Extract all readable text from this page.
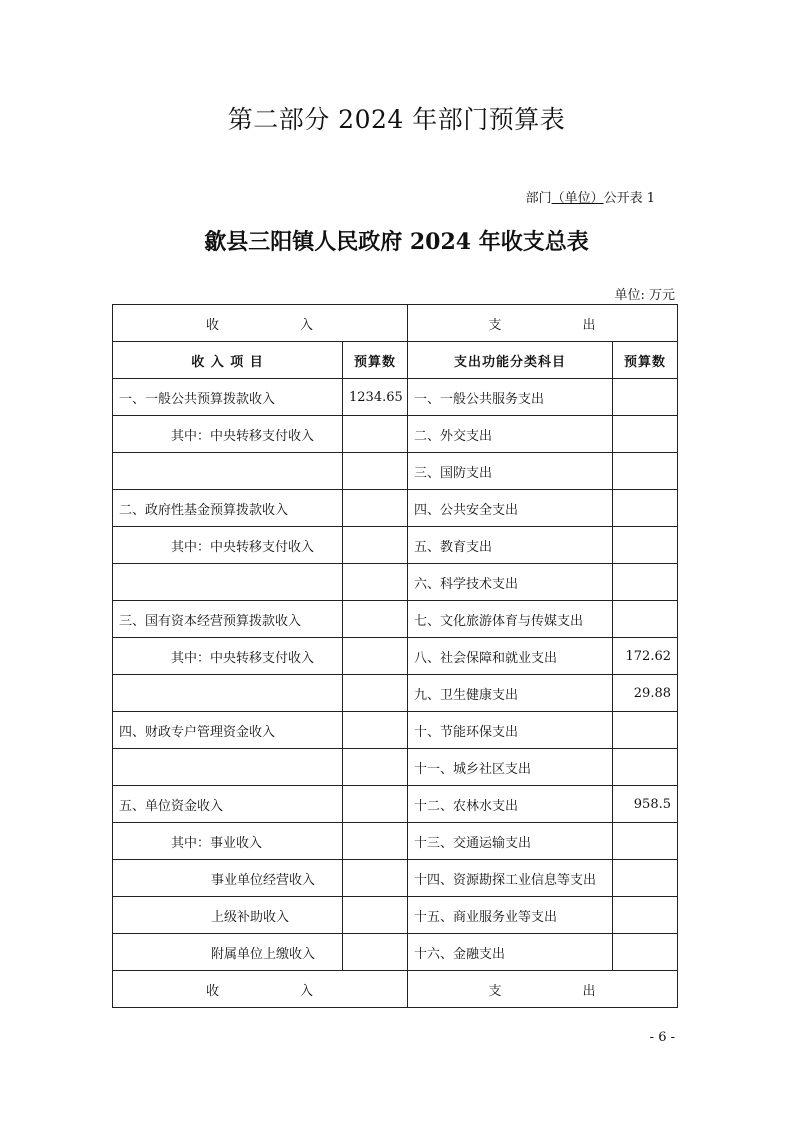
第二部分 2024 年部门预算表
部门（单位）公开表 1
歙县三阳镇人民政府 2024 年收支总表
单位: 万元
收 入		支 出	
收 入 项 目	预算数	支出功能分类科目	预算数
一、一般公共预算拨款收入	1234.65	一、一般公共服务支出	
其中：中央转移支付收入		二、外交支出	
		三、国防支出	
二、政府性基金预算拨款收入		四、公共安全支出	
其中：中央转移支付收入		五、教育支出	
		六、科学技术支出	
三、国有资本经营预算拨款收入		七、文化旅游体育与传媒支出	
其中：中央转移支付收入		八、社会保障和就业支出	172.62
		九、卫生健康支出	29.88
四、财政专户管理资金收入		十、节能环保支出	
		十一、城乡社区支出	
五、单位资金收入		十二、农林水支出	958.5
其中：事业收入		十三、交通运输支出	
事业单位经营收入		十四、资源勘探工业信息等支出	
上级补助收入		十五、商业服务业等支出	
附属单位上缴收入		十六、金融支出	
收 入		支 出	
- 6 -
